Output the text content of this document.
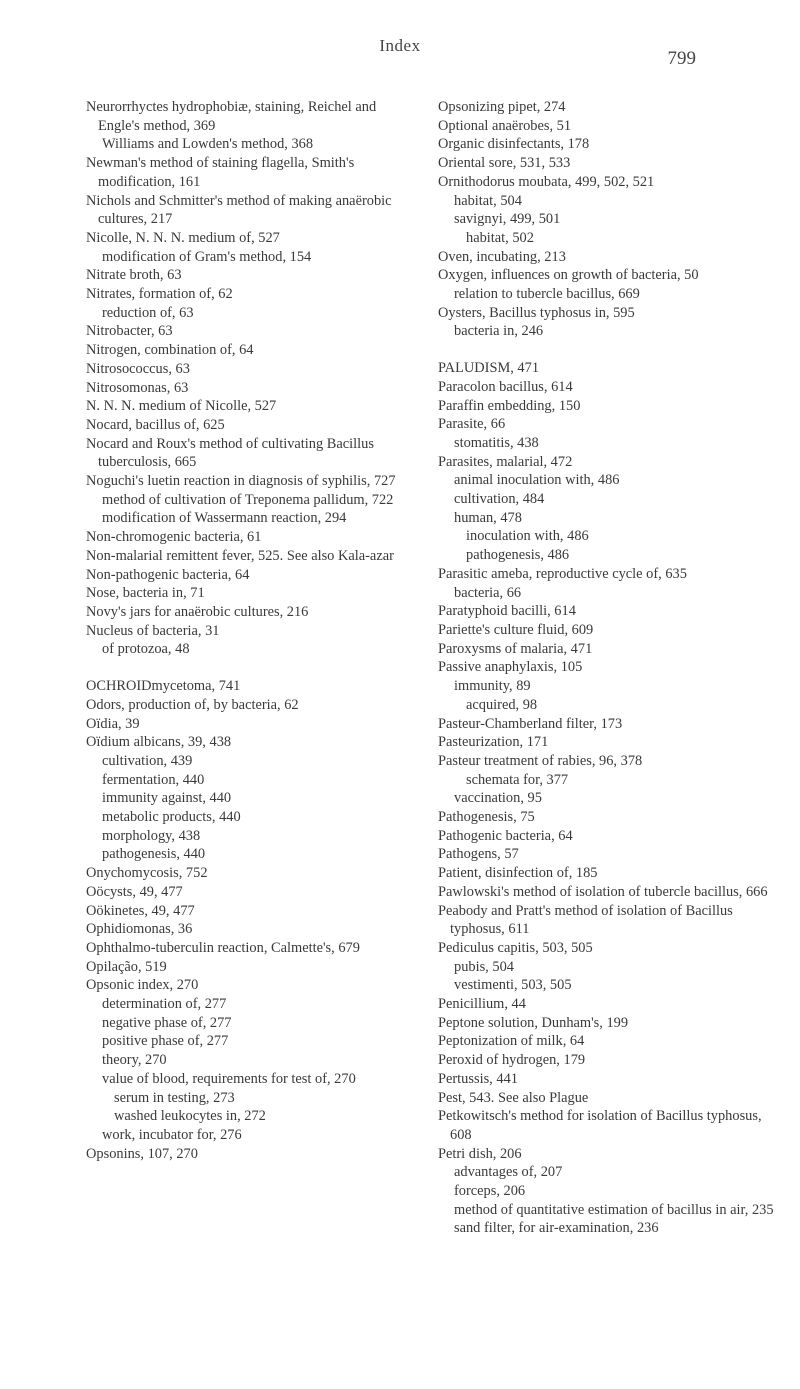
Index
799

Neurorrhyctes hydrophobiæ, staining, Reichel and Engle's method, 369

Williams and Lowden's method, 368

Newman's method of staining flagella, Smith's modification, 161

Nichols and Schmitter's method of making anaërobic cultures, 217

Nicolle, N. N. N. medium of, 527

modification of Gram's method, 154

Nitrate broth, 63

Nitrates, formation of, 62

reduction of, 63

Nitrobacter, 63

Nitrogen, combination of, 64

Nitrosococcus, 63

Nitrosomonas, 63

N. N. N. medium of Nicolle, 527

Nocard, bacillus of, 625

Nocard and Roux's method of cultivating Bacillus tuberculosis, 665

Noguchi's luetin reaction in diagnosis of syphilis, 727

method of cultivation of Treponema pallidum, 722

modification of Wassermann reaction, 294

Non-chromogenic bacteria, 61

Non-malarial remittent fever, 525. See also Kala-azar

Non-pathogenic bacteria, 64

Nose, bacteria in, 71

Novy's jars for anaërobic cultures, 216

Nucleus of bacteria, 31

of protozoa, 48

OCHROIDmycetoma, 741

Odors, production of, by bacteria, 62

Oïdia, 39

Oïdium albicans, 39, 438

cultivation, 439

fermentation, 440

immunity against, 440

metabolic products, 440

morphology, 438

pathogenesis, 440

Onychomycosis, 752

Oöcysts, 49, 477

Oökinetes, 49, 477

Ophidiomonas, 36

Ophthalmo-tuberculin reaction, Calmette's, 679

Opilação, 519

Opsonic index, 270

determination of, 277

negative phase of, 277

positive phase of, 277

theory, 270

value of blood, requirements for test of, 270

serum in testing, 273

washed leukocytes in, 272

work, incubator for, 276

Opsonins, 107, 270

Opsonizing pipet, 274

Optional anaërobes, 51

Organic disinfectants, 178

Oriental sore, 531, 533

Ornithodorus moubata, 499, 502, 521

habitat, 504

savignyi, 499, 501

habitat, 502

Oven, incubating, 213

Oxygen, influences on growth of bacteria, 50

relation to tubercle bacillus, 669

Oysters, Bacillus typhosus in, 595

bacteria in, 246

PALUDISM, 471

Paracolon bacillus, 614

Paraffin embedding, 150

Parasite, 66

stomatitis, 438

Parasites, malarial, 472

animal inoculation with, 486

cultivation, 484

human, 478

inoculation with, 486

pathogenesis, 486

Parasitic ameba, reproductive cycle of, 635

bacteria, 66

Paratyphoid bacilli, 614

Pariette's culture fluid, 609

Paroxysms of malaria, 471

Passive anaphylaxis, 105

immunity, 89

acquired, 98

Pasteur-Chamberland filter, 173

Pasteurization, 171

Pasteur treatment of rabies, 96, 378

schemata for, 377

vaccination, 95

Pathogenesis, 75

Pathogenic bacteria, 64

Pathogens, 57

Patient, disinfection of, 185

Pawlowski's method of isolation of tubercle bacillus, 666

Peabody and Pratt's method of isolation of Bacillus typhosus, 611

Pediculus capitis, 503, 505

pubis, 504

vestimenti, 503, 505

Penicillium, 44

Peptone solution, Dunham's, 199

Peptonization of milk, 64

Peroxid of hydrogen, 179

Pertussis, 441

Pest, 543. See also Plague

Petkowitsch's method for isolation of Bacillus typhosus, 608

Petri dish, 206

advantages of, 207

forceps, 206

method of quantitative estimation of bacillus in air, 235

sand filter, for air-examination, 236
